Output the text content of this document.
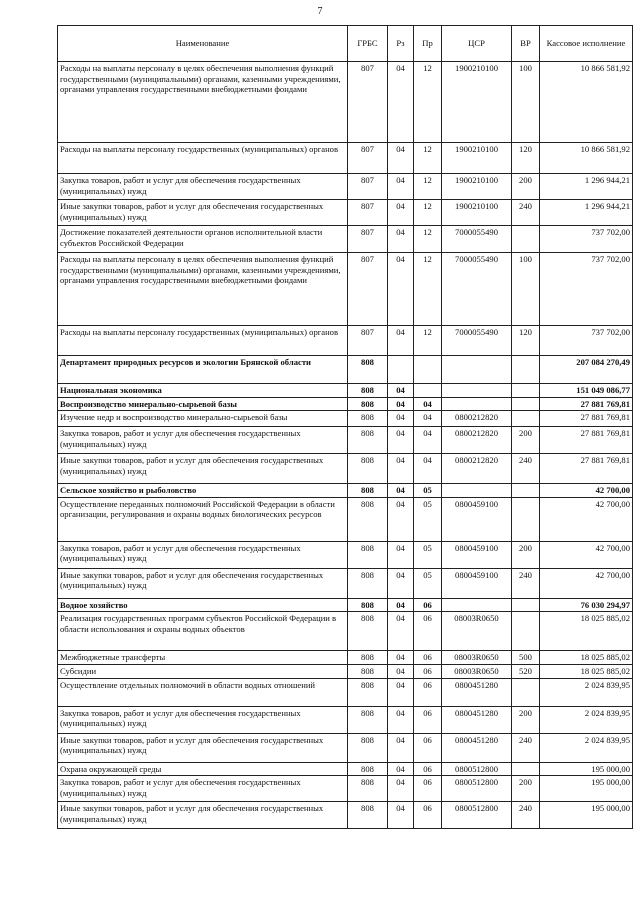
7
Наименование	ГРБС	Рз	Пр	ЦСР	ВР	Кассовое исполнение
Расходы на выплаты персоналу в целях обеспечения выполнения функций государственными (муниципальными) органами, казенными учреждениями, органами управления государственными внебюджетными фондами	807	04	12	1900210100	100	10 866 581,92
Расходы на выплаты персоналу государственных (муниципальных) органов	807	04	12	1900210100	120	10 866 581,92
Закупка товаров, работ и услуг для обеспечения государственных (муниципальных) нужд	807	04	12	1900210100	200	1 296 944,21
Иные закупки товаров, работ и услуг для обеспечения государственных (муниципальных) нужд	807	04	12	1900210100	240	1 296 944,21
Достижение показателей деятельности органов исполнительной власти субъектов Российской Федерации	807	04	12	7000055490		737 702,00
Расходы на выплаты персоналу в целях обеспечения выполнения функций государственными (муниципальными) органами, казенными учреждениями, органами управления государственными внебюджетными фондами	807	04	12	7000055490	100	737 702,00
Расходы на выплаты персоналу государственных (муниципальных) органов	807	04	12	7000055490	120	737 702,00
Департамент природных ресурсов и экологии Брянской области	808					207 084 270,49
Национальная экономика	808	04				151 049 086,77
Воспроизводство минерально-сырьевой базы	808	04	04			27 881 769,81
Изучение недр и воспроизводство минерально-сырьевой базы	808	04	04	0800212820		27 881 769,81
Закупка товаров, работ и услуг для обеспечения государственных (муниципальных) нужд	808	04	04	0800212820	200	27 881 769,81
Иные закупки товаров, работ и услуг для обеспечения государственных (муниципальных) нужд	808	04	04	0800212820	240	27 881 769,81
Сельское хозяйство и рыболовство	808	04	05			42 700,00
Осуществление переданных полномочий Российской Федерации в области организации, регулирования и охраны водных биологических ресурсов	808	04	05	0800459100		42 700,00
Закупка товаров, работ и услуг для обеспечения государственных (муниципальных) нужд	808	04	05	0800459100	200	42 700,00
Иные закупки товаров, работ и услуг для обеспечения государственных (муниципальных) нужд	808	04	05	0800459100	240	42 700,00
Водное хозяйство	808	04	06			76 030 294,97
Реализация государственных программ субъектов Российской Федерации в области использования и охраны водных объектов	808	04	06	08003R0650		18 025 885,02
Межбюджетные трансферты	808	04	06	08003R0650	500	18 025 885,02
Субсидии	808	04	06	08003R0650	520	18 025 885,02
Осуществление отдельных полномочий в области водных отношений	808	04	06	0800451280		2 024 839,95
Закупка товаров, работ и услуг для обеспечения государственных (муниципальных) нужд	808	04	06	0800451280	200	2 024 839,95
Иные закупки товаров, работ и услуг для обеспечения государственных (муниципальных) нужд	808	04	06	0800451280	240	2 024 839,95
Охрана окружающей среды	808	04	06	0800512800		195 000,00
Закупка товаров, работ и услуг для обеспечения государственных (муниципальных) нужд	808	04	06	0800512800	200	195 000,00
Иные закупки товаров, работ и услуг для обеспечения государственных (муниципальных) нужд	808	04	06	0800512800	240	195 000,00
